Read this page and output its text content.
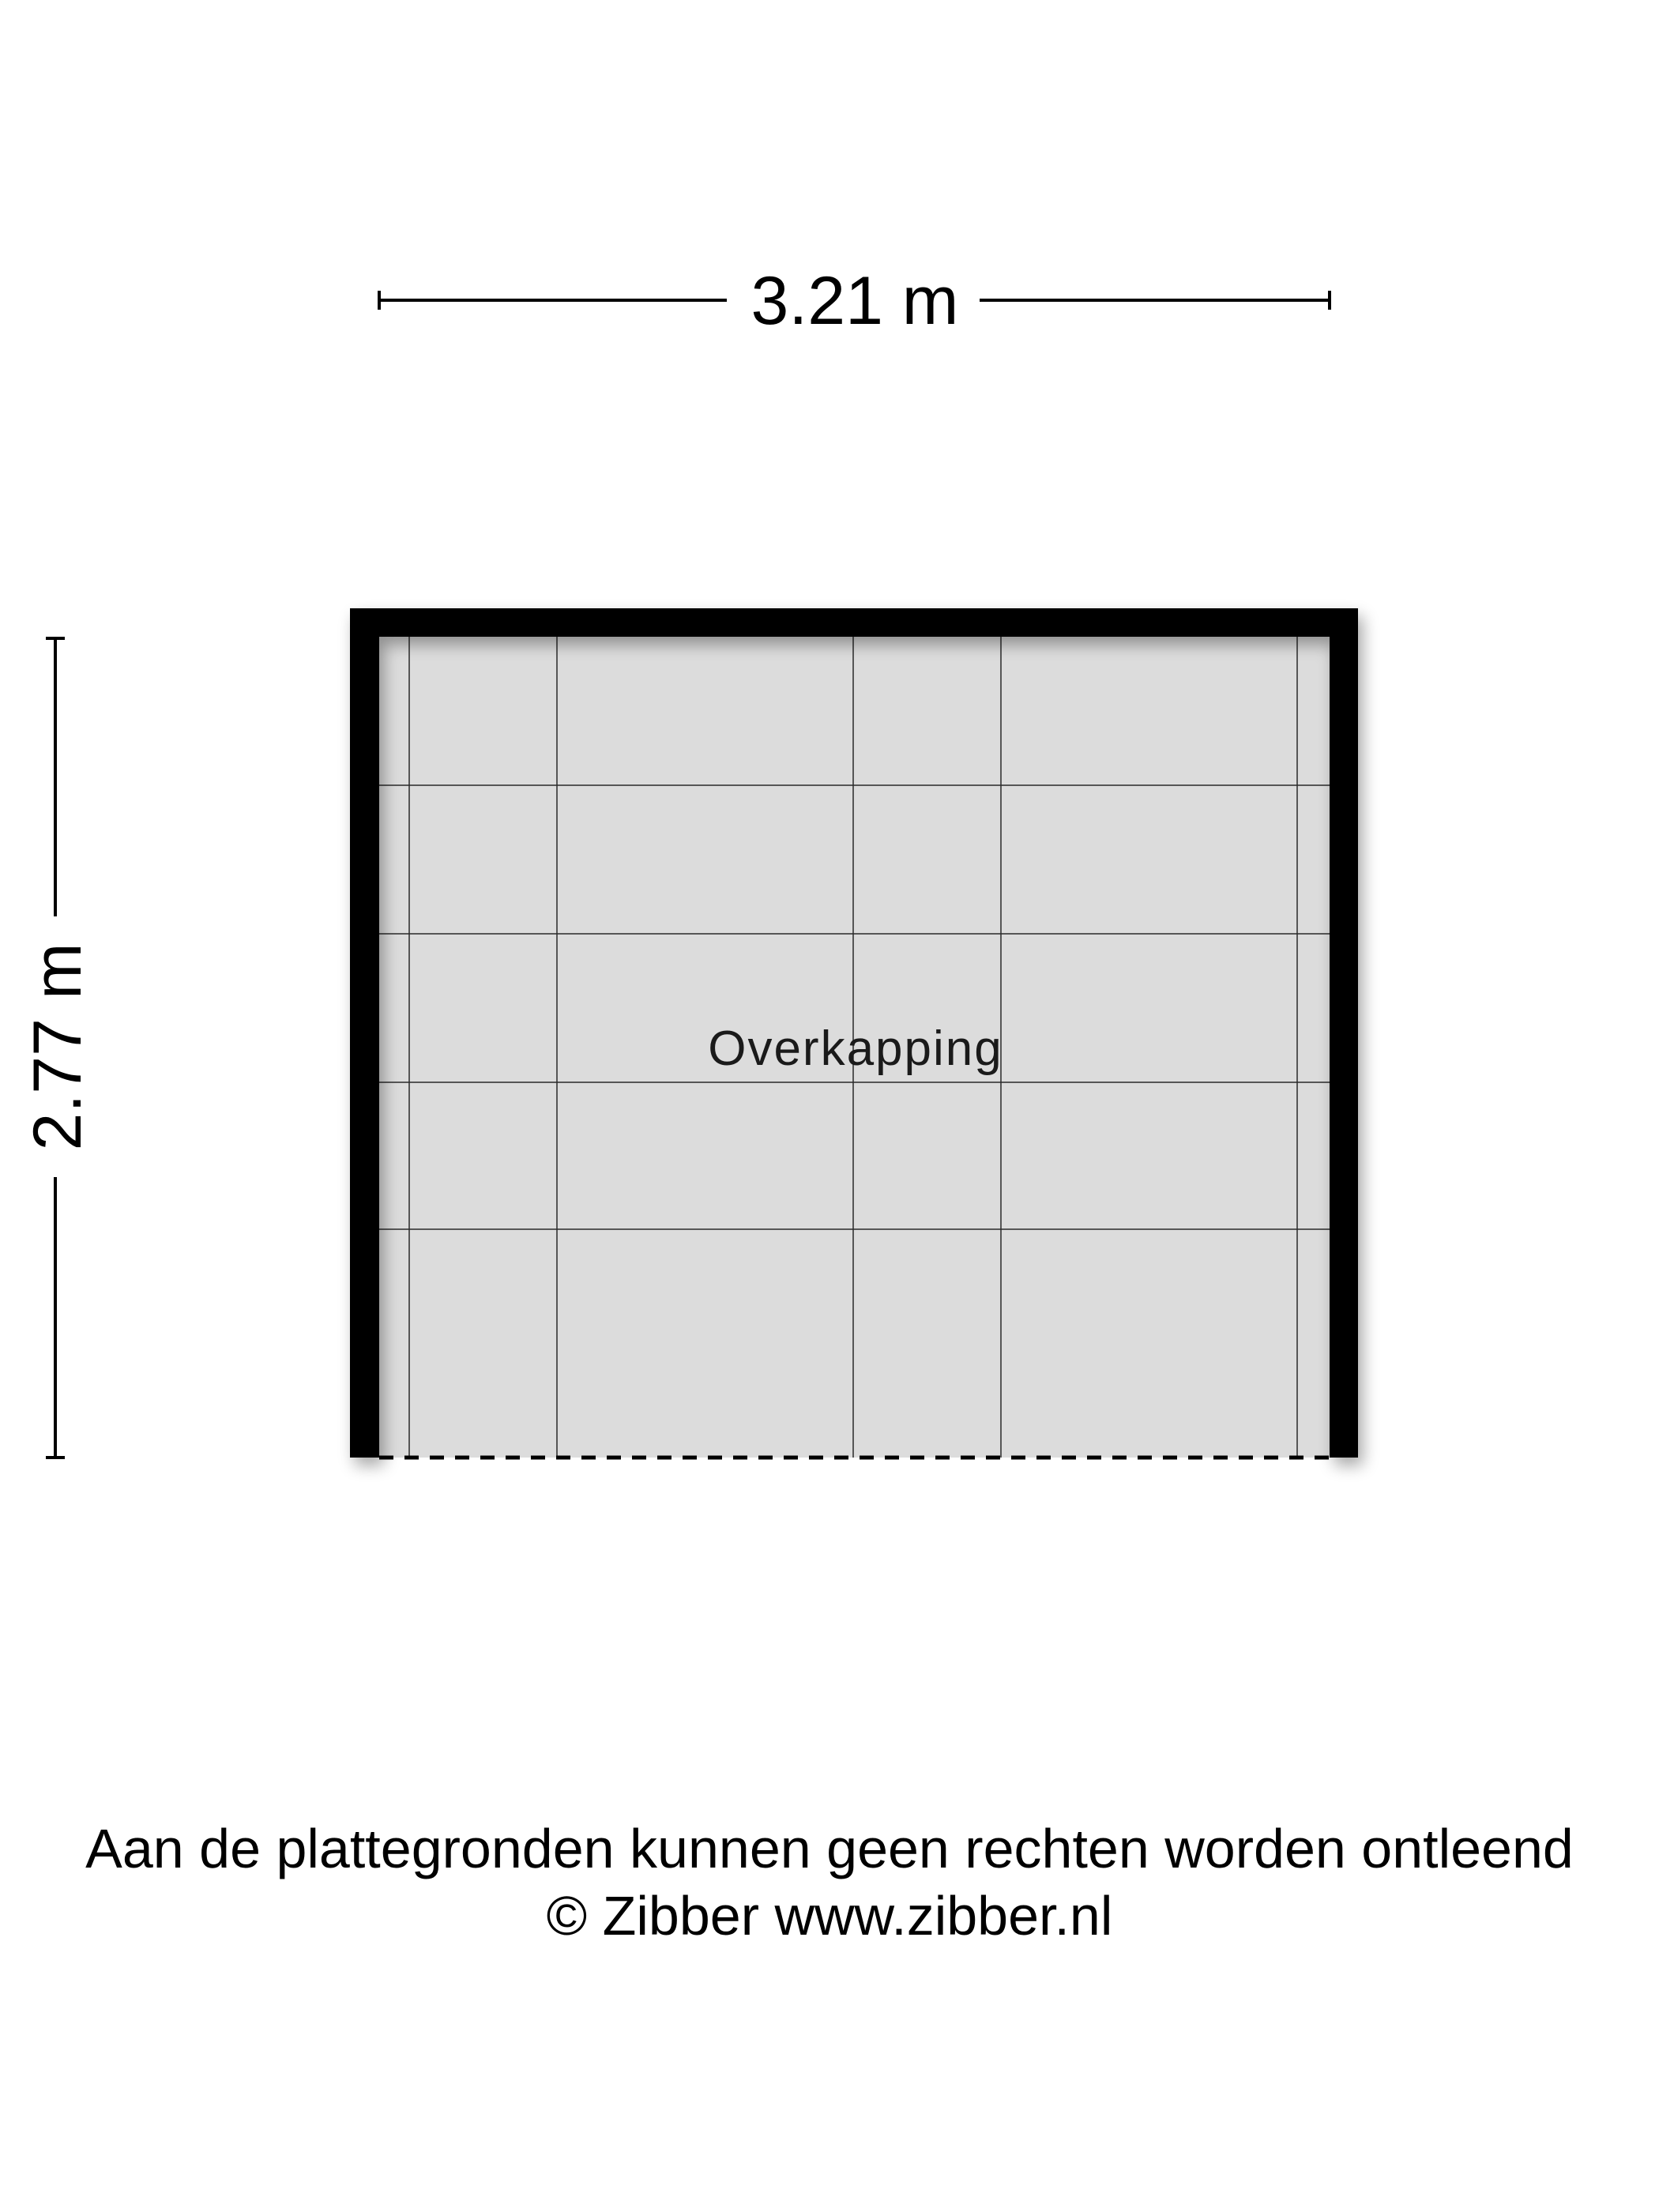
3.21 m
2.77 m	Overkapping
Aan de plattegronden kunnen geen rechten worden ontleend
© Zibber www.zibber.nl
